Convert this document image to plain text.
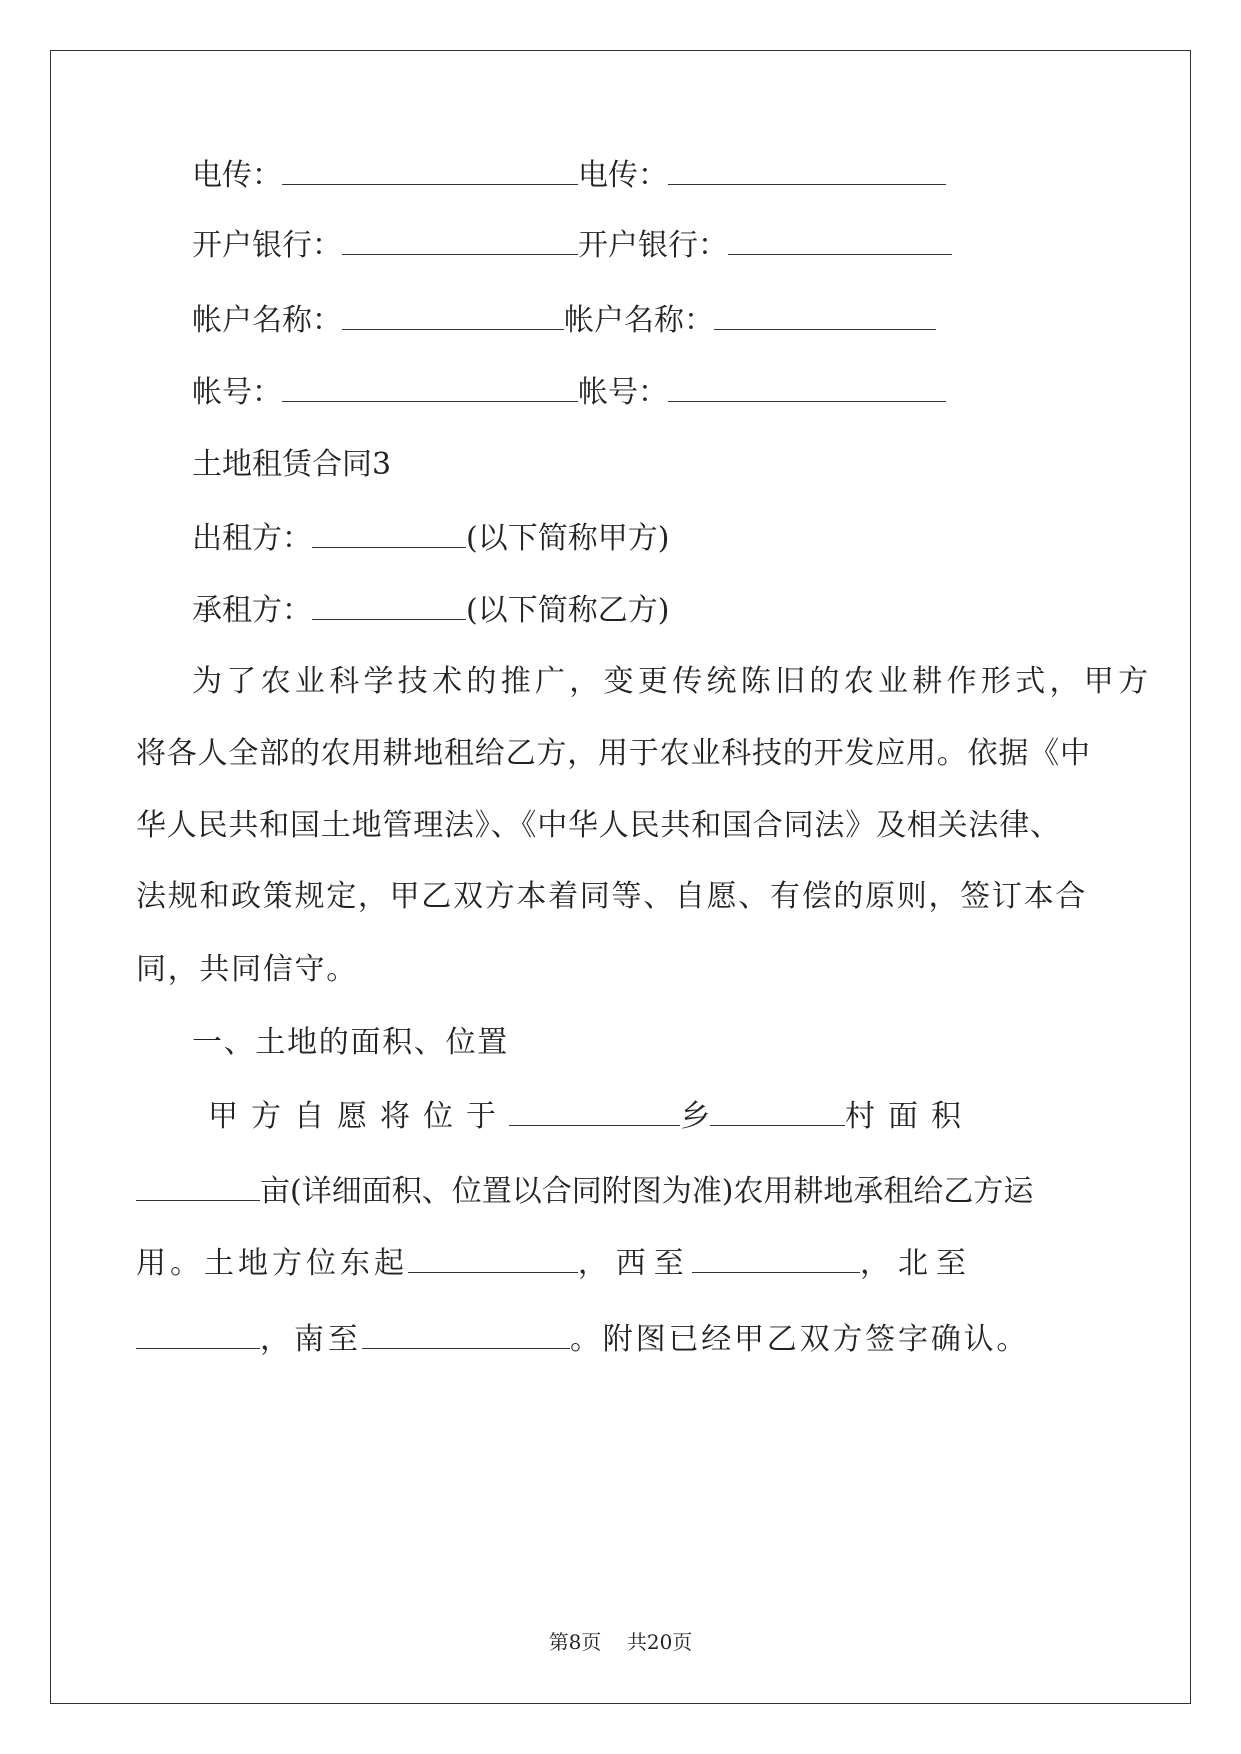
电传：	电传：
开户银行：	开户银行：
帐户名称：	帐户名称：
帐号：	帐号：
土地租赁合同3
出租方：	(以下简称甲方)
承租方：	(以下简称乙方)
为了农业科学技术的推广，变更传统陈旧的农业耕作形式，甲方
将各人全部的农用耕地租给乙方，用于农业科技的开发应用。依据《中
华人民共和国土地管理法》、《中华人民共和国合同法》及相关法律、
法规和政策规定，甲乙双方本着同等、自愿、有偿的原则，签订本合
同，共同信守。
一、土地的面积、位置
甲方自愿将位于	乡	村面积
亩(详细面积、位置以合同附图为准)农用耕地承租给乙方运
用。土地方位东起	，西至	，北至
，南至	。附图已经甲乙双方签字确认。
第8页    共20页
